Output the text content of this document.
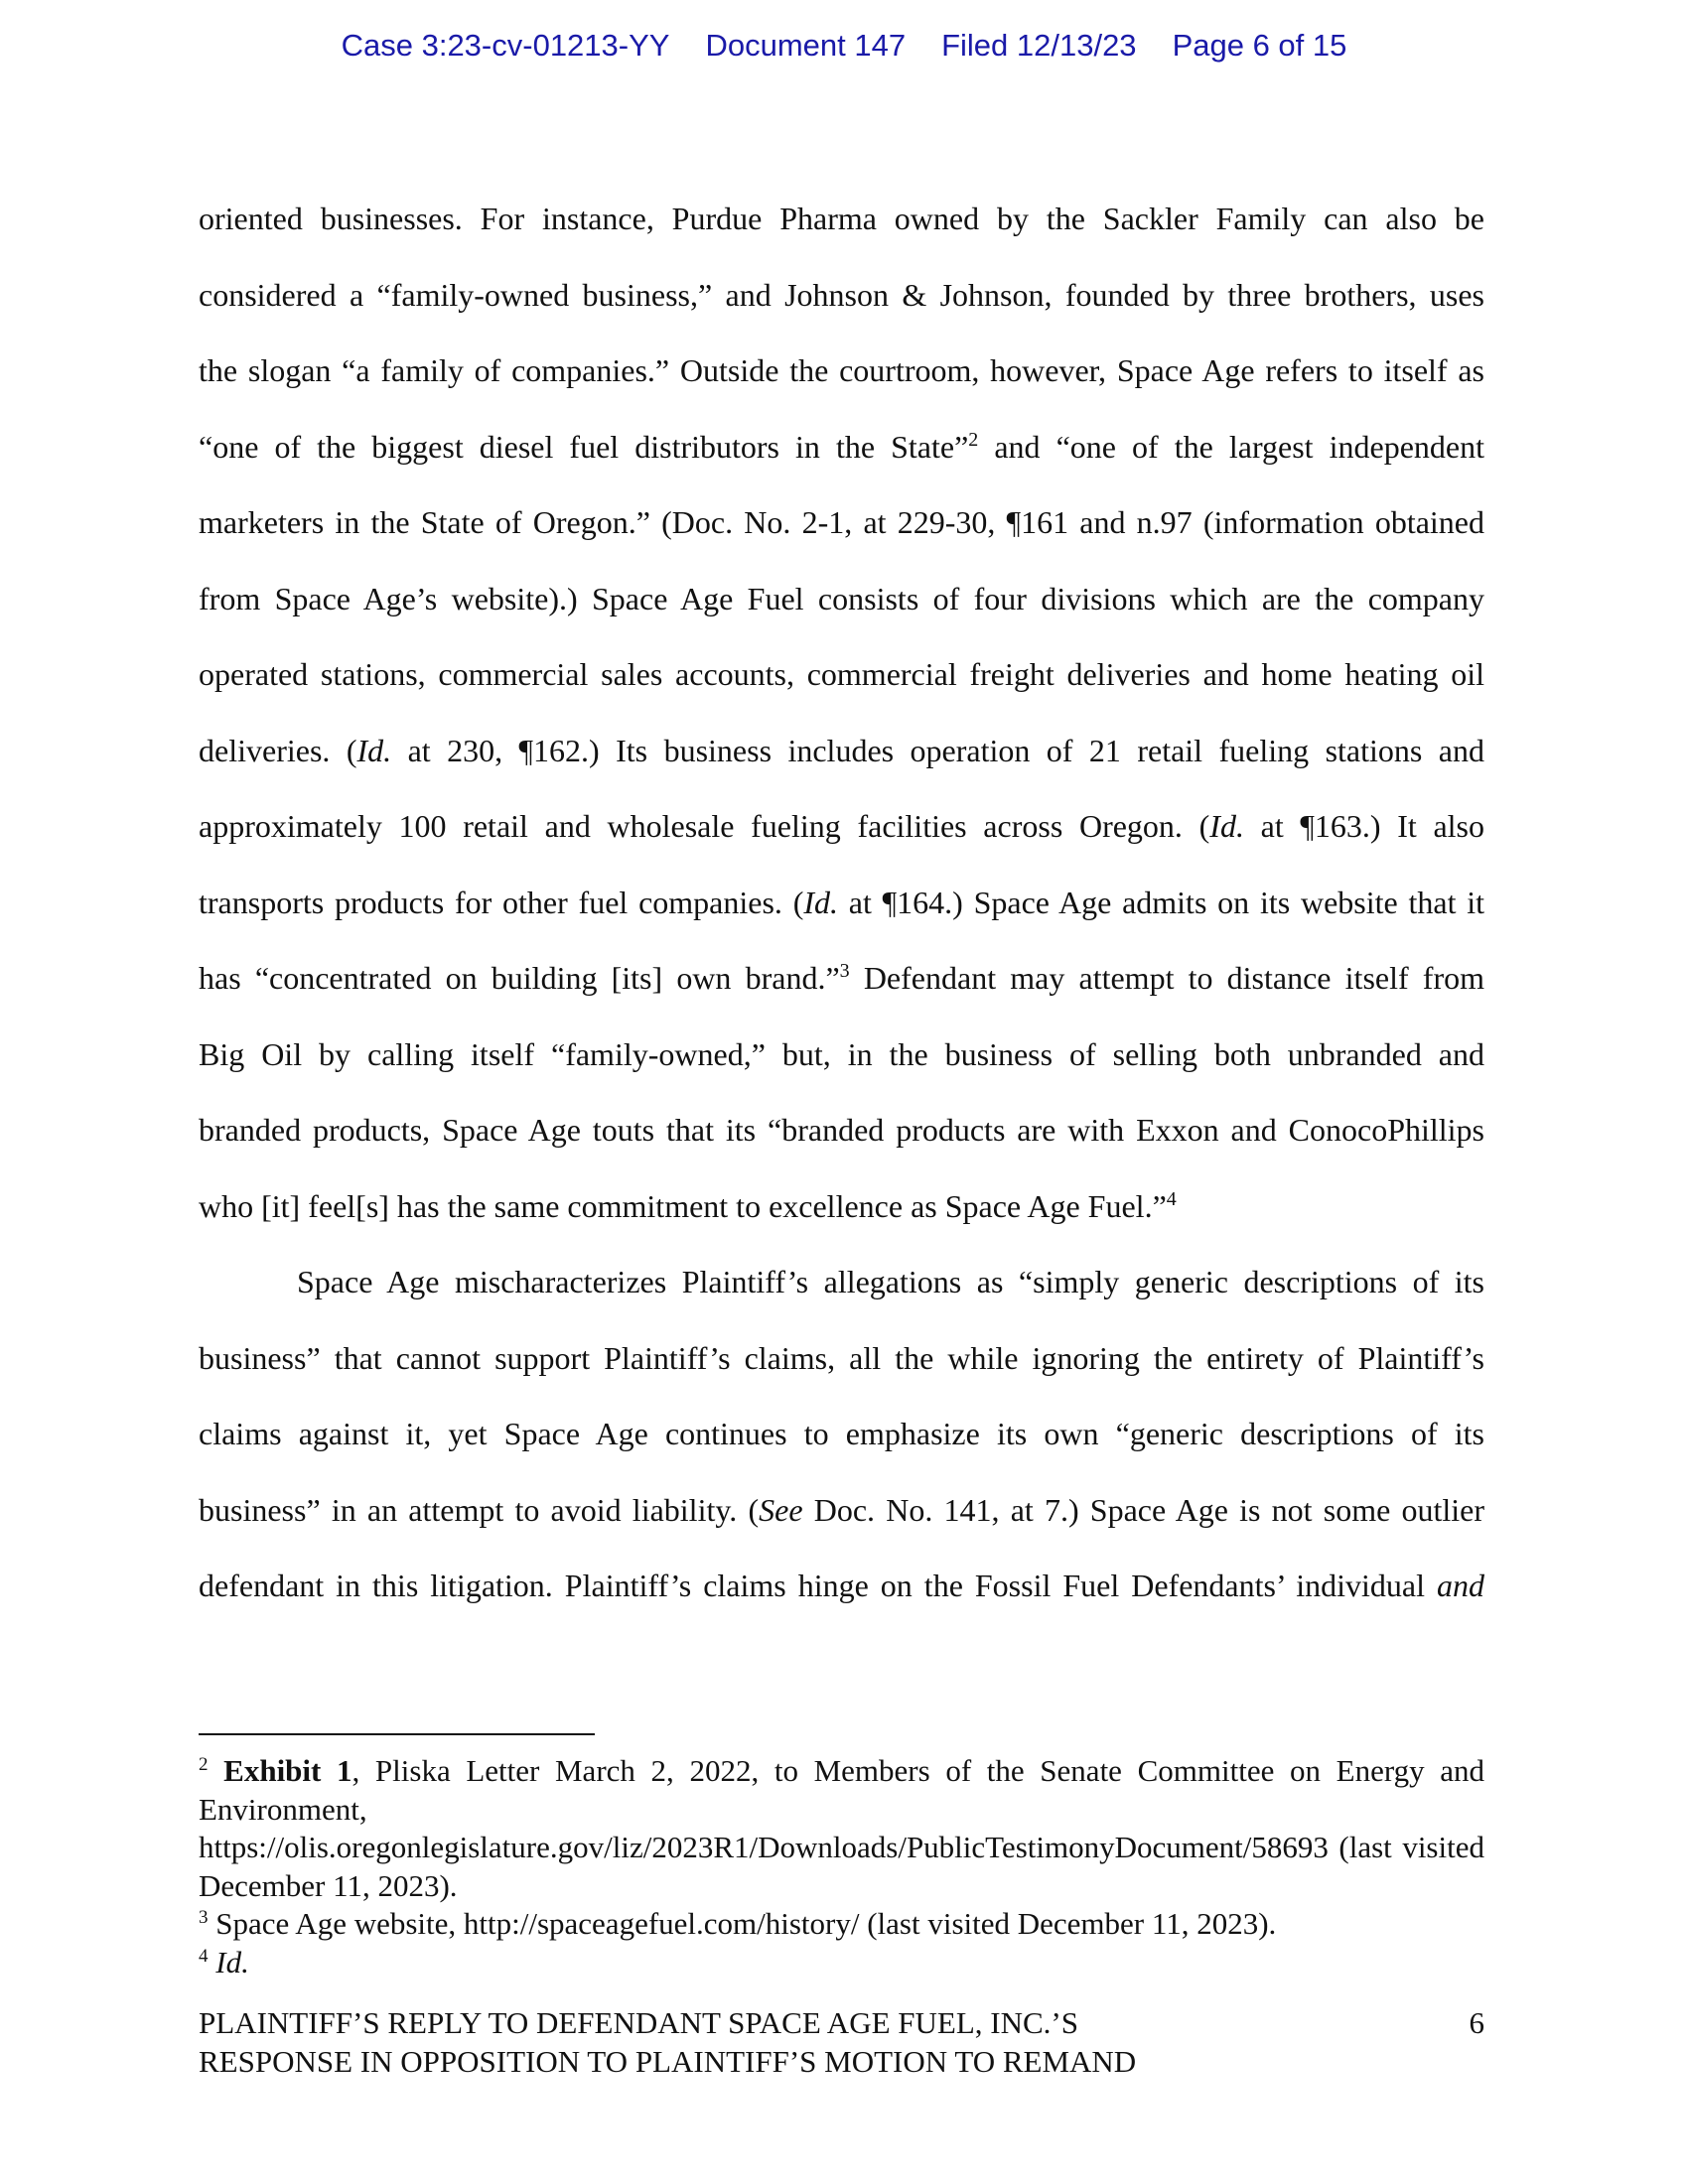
Case 3:23-cv-01213-YY Document 147 Filed 12/13/23 Page 6 of 15
oriented businesses. For instance, Purdue Pharma owned by the Sackler Family can also be
considered a “family-owned business,” and Johnson & Johnson, founded by three brothers, uses
the slogan “a family of companies.” Outside the courtroom, however, Space Age refers to itself as
“one of the biggest diesel fuel distributors in the State”$^2$ and “one of the largest independent
marketers in the State of Oregon.” (Doc. No. 2-1, at 229-30, ¶161 and n.97 (information obtained
from Space Age’s website).) Space Age Fuel consists of four divisions which are the company
operated stations, commercial sales accounts, commercial freight deliveries and home heating oil
deliveries. (Id. at 230, ¶162.) Its business includes operation of 21 retail fueling stations and
approximately 100 retail and wholesale fueling facilities across Oregon. (Id. at ¶163.) It also
transports products for other fuel companies. (Id. at ¶164.) Space Age admits on its website that it
has “concentrated on building [its] own brand.”$^3$ Defendant may attempt to distance itself from
Big Oil by calling itself “family-owned,” but, in the business of selling both unbranded and
branded products, Space Age touts that its “branded products are with Exxon and ConocoPhillips
who [it] feel[s] has the same commitment to excellence as Space Age Fuel.”$^4$
Space Age mischaracterizes Plaintiff’s allegations as “simply generic descriptions of its
business” that cannot support Plaintiff’s claims, all the while ignoring the entirety of Plaintiff’s
claims against it, yet Space Age continues to emphasize its own “generic descriptions of its
business” in an attempt to avoid liability. (See Doc. No. 141, at 7.) Space Age is not some outlier
defendant in this litigation. Plaintiff’s claims hinge on the Fossil Fuel Defendants’ individual and
$^2$ Exhibit 1, Pliska Letter March 2, 2022, to Members of the Senate Committee on Energy and Environment, https://olis.oregonlegislature.gov/liz/2023R1/Downloads/PublicTestimonyDocument/58693 (last visited December 11, 2023).
$^3$ Space Age website, http://spaceagefuel.com/history/ (last visited December 11, 2023).
$^4$ Id.
PLAINTIFF’S REPLY TO DEFENDANT SPACE AGE FUEL, INC.’S
RESPONSE IN OPPOSITION TO PLAINTIFF’S MOTION TO REMAND
6
